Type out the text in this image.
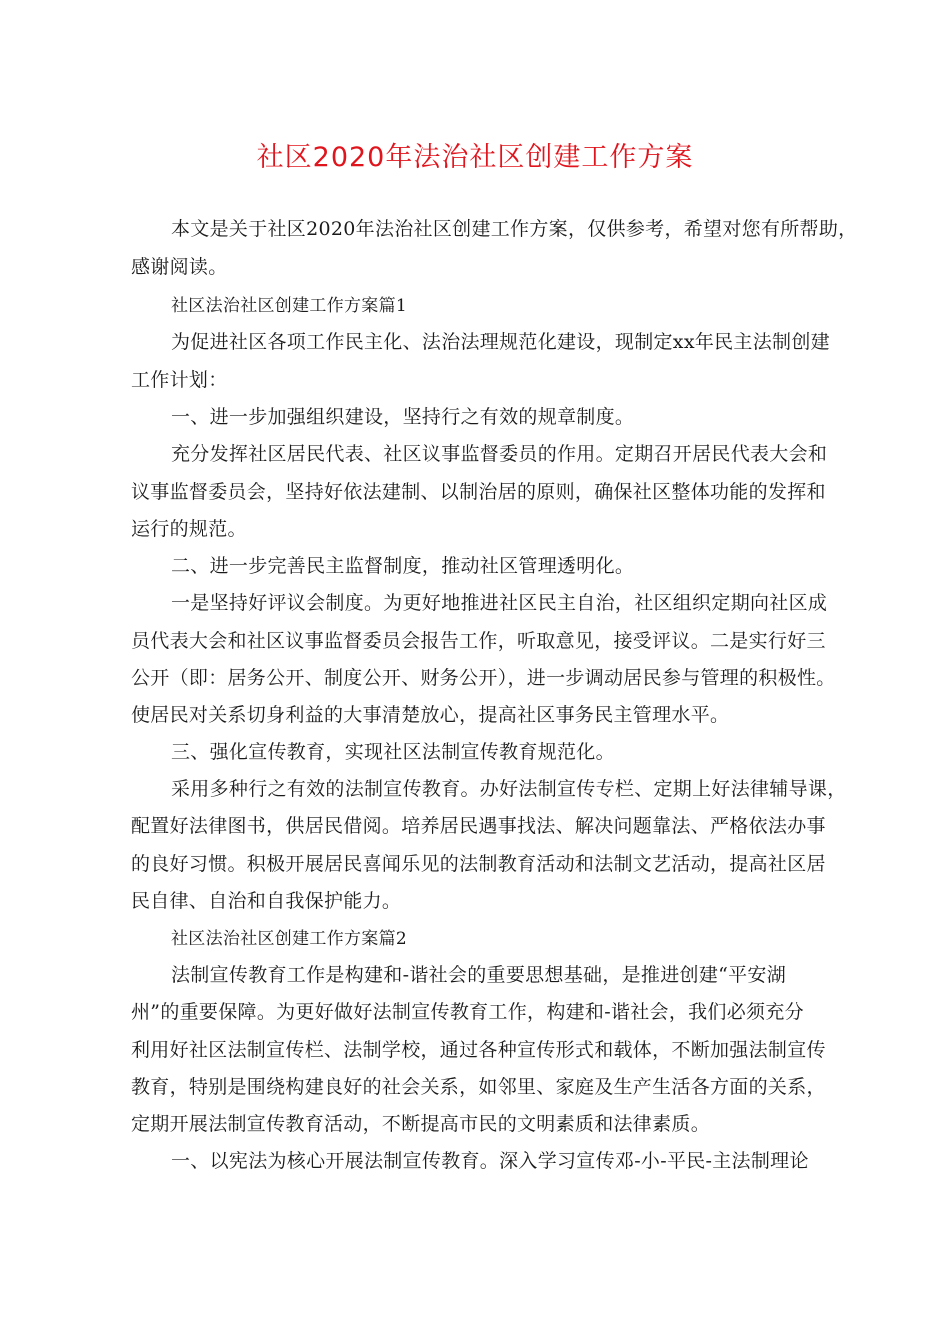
社区2020年法治社区创建工作方案
本文是关于社区2020年法治社区创建工作方案，仅供参考，希望对您有所帮助，
感谢阅读。
社区法治社区创建工作方案篇1
为促进社区各项工作民主化、法治法理规范化建设，现制定xx年民主法制创建
工作计划：
一、进一步加强组织建设，坚持行之有效的规章制度。
充分发挥社区居民代表、社区议事监督委员的作用。定期召开居民代表大会和
议事监督委员会，坚持好依法建制、以制治居的原则，确保社区整体功能的发挥和
运行的规范。
二、进一步完善民主监督制度，推动社区管理透明化。
一是坚持好评议会制度。为更好地推进社区民主自治，社区组织定期向社区成
员代表大会和社区议事监督委员会报告工作，听取意见，接受评议。二是实行好三
公开（即：居务公开、制度公开、财务公开），进一步调动居民参与管理的积极性。
使居民对关系切身利益的大事清楚放心，提高社区事务民主管理水平。
三、强化宣传教育，实现社区法制宣传教育规范化。
采用多种行之有效的法制宣传教育。办好法制宣传专栏、定期上好法律辅导课，
配置好法律图书，供居民借阅。培养居民遇事找法、解决问题靠法、严格依法办事
的良好习惯。积极开展居民喜闻乐见的法制教育活动和法制文艺活动，提高社区居
民自律、自治和自我保护能力。
社区法治社区创建工作方案篇2
法制宣传教育工作是构建和-谐社会的重要思想基础，是推进创建“平安湖
州”的重要保障。为更好做好法制宣传教育工作，构建和-谐社会，我们必须充分
利用好社区法制宣传栏、法制学校，通过各种宣传形式和载体，不断加强法制宣传
教育，特别是围绕构建良好的社会关系，如邻里、家庭及生产生活各方面的关系，
定期开展法制宣传教育活动，不断提高市民的文明素质和法律素质。
一、以宪法为核心开展法制宣传教育。深入学习宣传邓-小-平民-主法制理论
